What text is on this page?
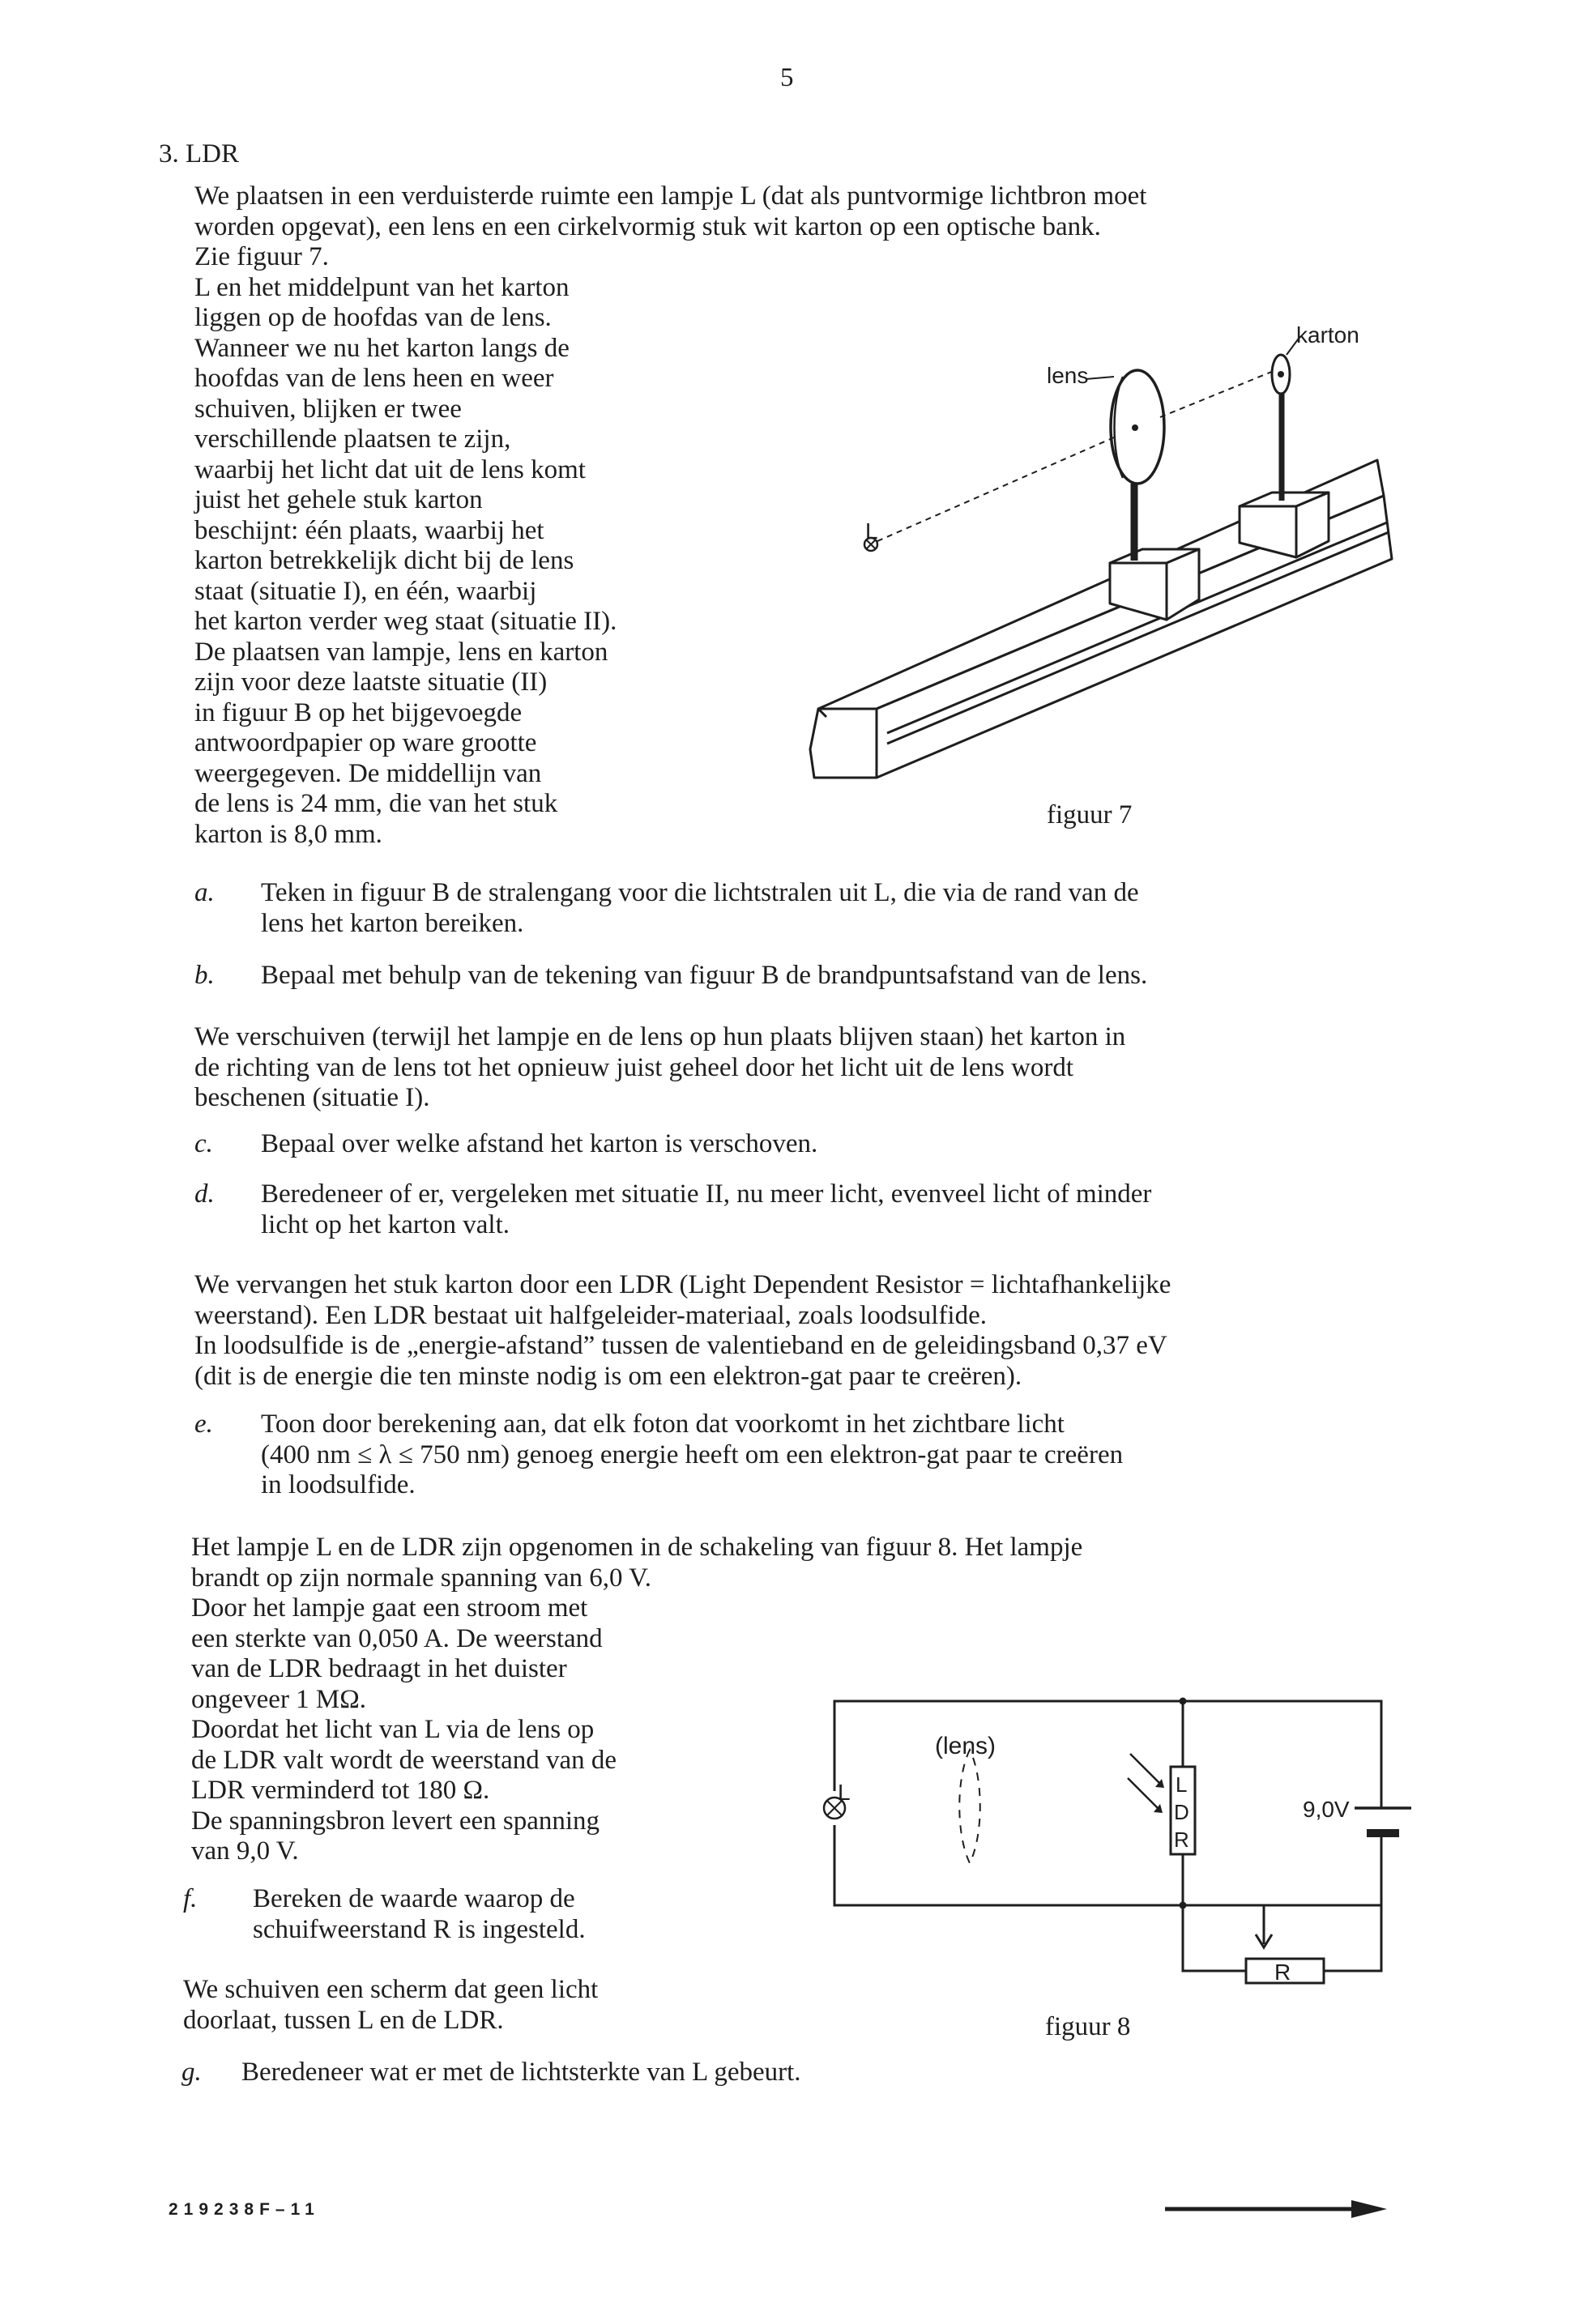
5
3. LDR
We plaatsen in een verduisterde ruimte een lampje L (dat als puntvormige lichtbron moet
worden opgevat), een lens en een cirkelvormig stuk wit karton op een optische bank.
Zie figuur 7.
L en het middelpunt van het karton
liggen op de hoofdas van de lens.
Wanneer we nu het karton langs de
hoofdas van de lens heen en weer
schuiven, blijken er twee
verschillende plaatsen te zijn,
waarbij het licht dat uit de lens komt
juist het gehele stuk karton
beschijnt: één plaats, waarbij het
karton betrekkelijk dicht bij de lens
staat (situatie I), en één, waarbij
het karton verder weg staat (situatie II).
De plaatsen van lampje, lens en karton
zijn voor deze laatste situatie (II)
in figuur B op het bijgevoegde
antwoordpapier op ware grootte
weergegeven. De middellijn van
de lens is 24 mm, die van het stuk
karton is 8,0 mm.
lens
karton
L
figuur 7
a. Teken in figuur B de stralengang voor die lichtstralen uit L, die via de rand van de
lens het karton bereiken.
b. Bepaal met behulp van de tekening van figuur B de brandpuntsafstand van de lens.
We verschuiven (terwijl het lampje en de lens op hun plaats blijven staan) het karton in
de richting van de lens tot het opnieuw juist geheel door het licht uit de lens wordt
beschenen (situatie I).
c. Bepaal over welke afstand het karton is verschoven.
d. Beredeneer of er, vergeleken met situatie II, nu meer licht, evenveel licht of minder
licht op het karton valt.
We vervangen het stuk karton door een LDR (Light Dependent Resistor = lichtafhankelijke
weerstand). Een LDR bestaat uit halfgeleider-materiaal, zoals loodsulfide.
In loodsulfide is de „energie-afstand” tussen de valentieband en de geleidingsband 0,37 eV
(dit is de energie die ten minste nodig is om een elektron-gat paar te creëren).
e. Toon door berekening aan, dat elk foton dat voorkomt in het zichtbare licht
(400 nm ≤ λ ≤ 750 nm) genoeg energie heeft om een elektron-gat paar te creëren
in loodsulfide.
Het lampje L en de LDR zijn opgenomen in de schakeling van figuur 8. Het lampje
brandt op zijn normale spanning van 6,0 V.
Door het lampje gaat een stroom met
een sterkte van 0,050 A. De weerstand
van de LDR bedraagt in het duister
ongeveer 1 MΩ.
Doordat het licht van L via de lens op
de LDR valt wordt de weerstand van de
LDR verminderd tot 180 Ω.
De spanningsbron levert een spanning
van 9,0 V.
f. Bereken de waarde waarop de
schuifweerstand R is ingesteld.
We schuiven een scherm dat geen licht
doorlaat, tussen L en de LDR.
g. Beredeneer wat er met de lichtsterkte van L gebeurt.
(lens)
L	L
D
R
9,0V
R
figuur 8
219238F–11
